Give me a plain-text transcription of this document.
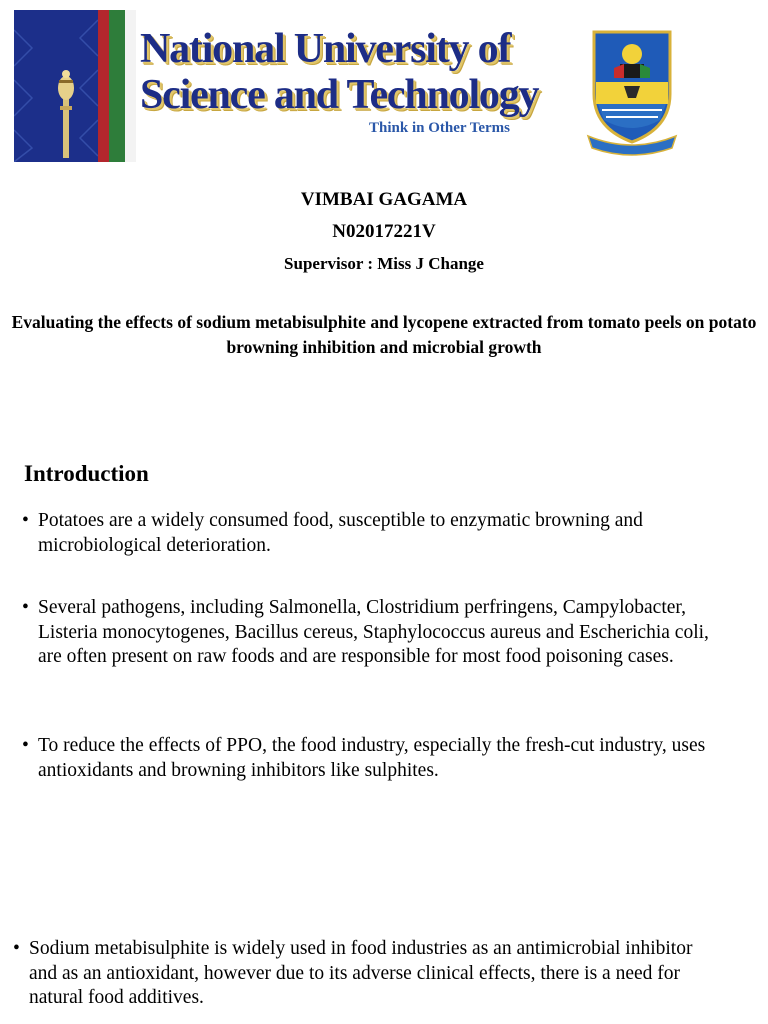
National University of
Science and Technology
Think in Other Terms
VIMBAI GAGAMA
N02017221V
Supervisor : Miss J Change
Evaluating the effects of sodium metabisulphite and lycopene extracted from tomato peels on potato browning inhibition and microbial growth
Introduction
• Potatoes are a widely consumed food, susceptible to enzymatic browning and microbiological deterioration.
• Several pathogens, including Salmonella, Clostridium perfringens, Campylobacter, Listeria monocytogenes, Bacillus cereus, Staphylococcus aureus and Escherichia coli, are often present on raw foods and are responsible for most food poisoning cases.
• To reduce the effects of PPO, the food industry, especially the fresh-cut industry, uses antioxidants and browning inhibitors like sulphites.
• Sodium metabisulphite is widely used in food industries as an antimicrobial inhibitor and as an antioxidant, however due to its adverse clinical effects, there is a need for natural food additives.
